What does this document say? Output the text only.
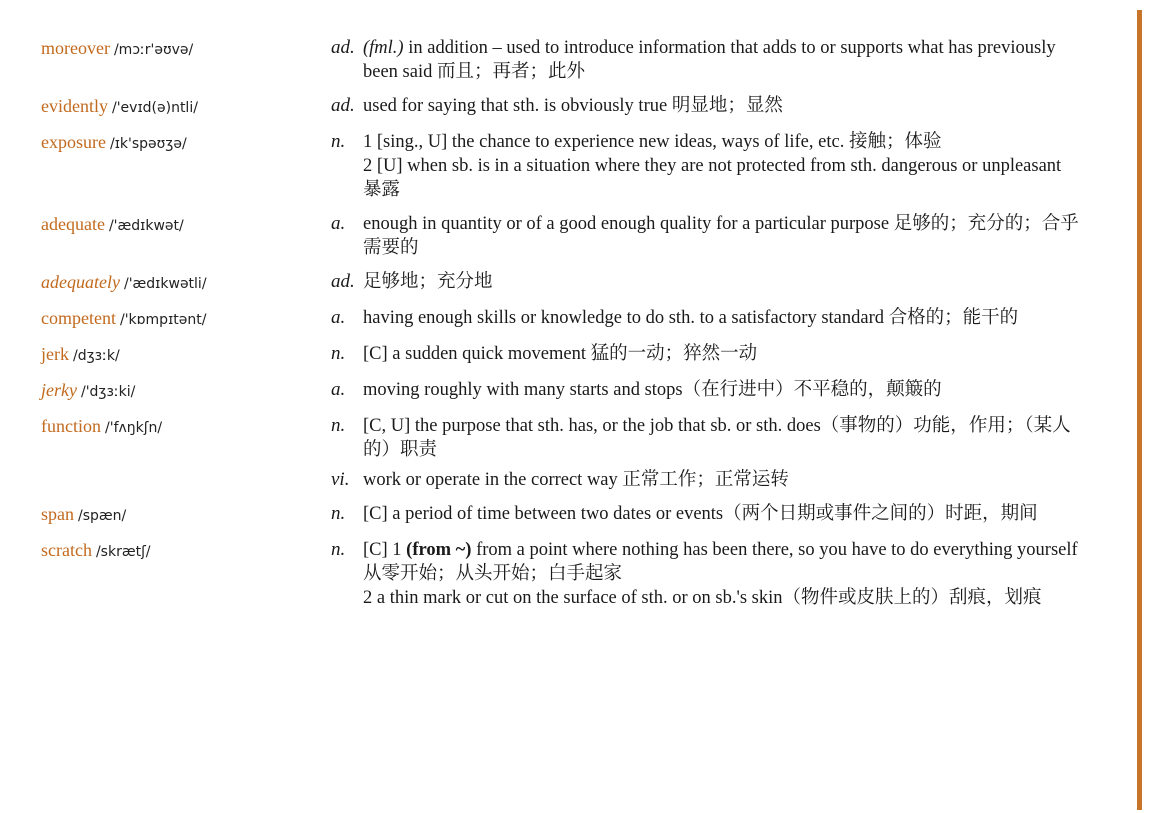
moreover /mɔːr'əʊvə/	ad. (fml.) in addition – used to introduce information that adds to or supports what has previously been said 而且；再者；此外
evidently /'evɪd(ə)ntli/	ad. used for saying that sth. is obviously true 明显地；显然
exposure /ɪk'spəʊʒə/	n. 1 [sing., U] the chance to experience new ideas, ways of life, etc. 接触；体验
2 [U] when sb. is in a situation where they are not protected from sth. dangerous or unpleasant 暴露
adequate /'ædɪkwət/	a. enough in quantity or of a good enough quality for a particular purpose 足够的；充分的；合乎需要的
adequately /'ædɪkwətli/	ad. 足够地；充分地
competent /'kɒmpɪtənt/	a. having enough skills or knowledge to do sth. to a satisfactory standard 合格的；能干的
jerk /dʒɜːk/	n. [C] a sudden quick movement 猛的一动；猝然一动
jerky /'dʒɜːki/	a. moving roughly with many starts and stops（在行进中）不平稳的，颠簸的
function /'fʌŋkʃn/	n. [C, U] the purpose that sth. has, or the job that sb. or sth. does（事物的）功能，作用；（某人的）职责
vi. work or operate in the correct way 正常工作；正常运转
span /spæn/	n. [C] a period of time between two dates or events（两个日期或事件之间的）时距，期间
scratch /skrætʃ/	n. [C] 1 (from ~) from a point where nothing has been there, so you have to do everything yourself 从零开始；从头开始；白手起家
2 a thin mark or cut on the surface of sth. or on sb.'s skin（物件或皮肤上的）刮痕，划痕
